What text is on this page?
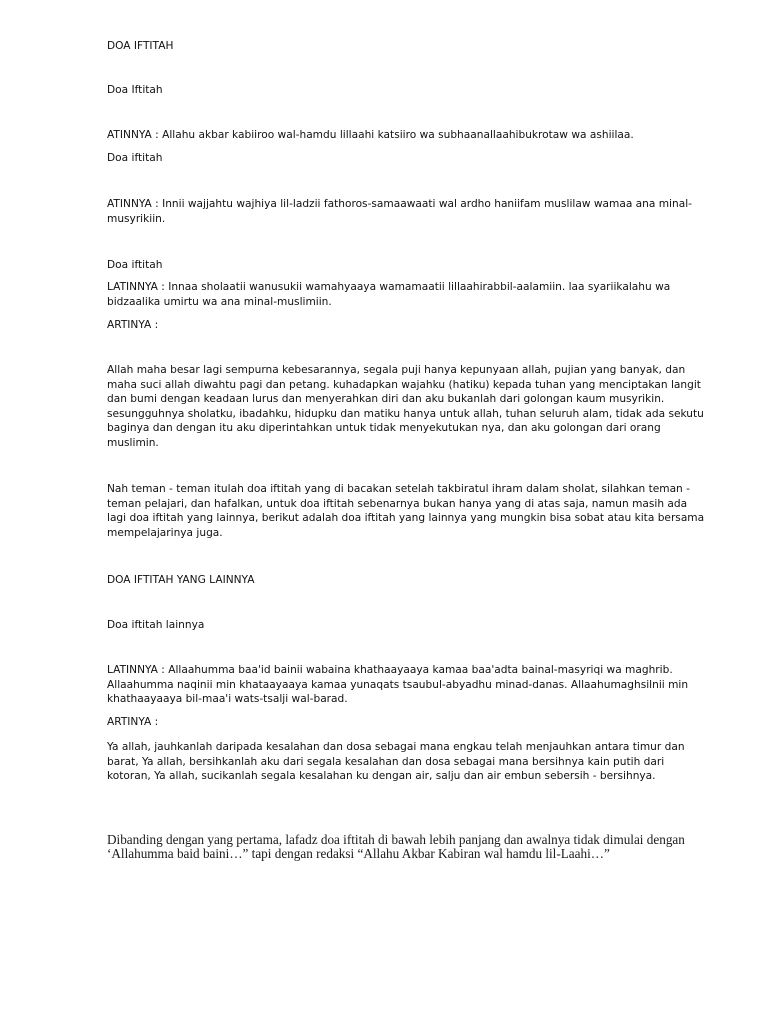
DOA IFTITAH

Doa Iftitah

ATINNYA : Allahu akbar kabiiroo wal-hamdu lillaahi katsiiro wa subhaanallaahibukrotaw wa ashiilaa.

Doa iftitah

ATINNYA : Innii wajjahtu wajhiya lil-ladzii fathoros-samaawaati wal ardho haniifam muslilaw wamaa ana minal-musyrikiin.

Doa iftitah

LATINNYA : Innaa sholaatii wanusukii wamahyaaya wamamaatii lillaahirabbil-aalamiin. laa syariikalahu wa bidzaalika umirtu wa ana minal-muslimiin.

ARTINYA :

Allah maha besar lagi sempurna kebesarannya, segala puji hanya kepunyaan allah, pujian yang banyak, dan maha suci allah diwahtu pagi dan petang. kuhadapkan wajahku (hatiku) kepada tuhan yang menciptakan langit dan bumi dengan keadaan lurus dan menyerahkan diri dan aku bukanlah dari golongan kaum musyrikin. sesungguhnya sholatku, ibadahku, hidupku dan matiku hanya untuk allah, tuhan seluruh alam, tidak ada sekutu baginya dan dengan itu aku diperintahkan untuk tidak menyekutukan nya, dan aku golongan dari orang muslimin.

Nah teman - teman itulah doa iftitah yang di bacakan setelah takbiratul ihram dalam sholat, silahkan teman - teman pelajari, dan hafalkan, untuk doa iftitah sebenarnya bukan hanya yang di atas saja, namun masih ada lagi doa iftitah yang lainnya, berikut adalah doa iftitah yang lainnya yang mungkin bisa sobat atau kita bersama mempelajarinya juga.

DOA IFTITAH YANG LAINNYA

Doa iftitah lainnya

LATINNYA : Allaahumma baa'id bainii wabaina khathaayaaya kamaa baa'adta bainal-masyriqi wa maghrib. Allaahumma naqinii min khataayaaya kamaa yunaqats tsaubul-abyadhu minad-danas. Allaahumaghsilnii min khathaayaaya bil-maa'i wats-tsalji wal-barad.

ARTINYA :

Ya allah, jauhkanlah daripada kesalahan dan dosa sebagai mana engkau telah menjauhkan antara timur dan barat, Ya allah, bersihkanlah aku dari segala kesalahan dan dosa sebagai mana bersihnya kain putih dari kotoran, Ya allah, sucikanlah segala kesalahan ku dengan air, salju dan air embun sebersih - bersihnya.

Dibanding dengan yang pertama, lafadz doa iftitah di bawah lebih panjang dan awalnya tidak dimulai dengan ‘Allahumma baid baini…” tapi dengan redaksi “Allahu Akbar Kabiran wal hamdu lil-Laahi…”
